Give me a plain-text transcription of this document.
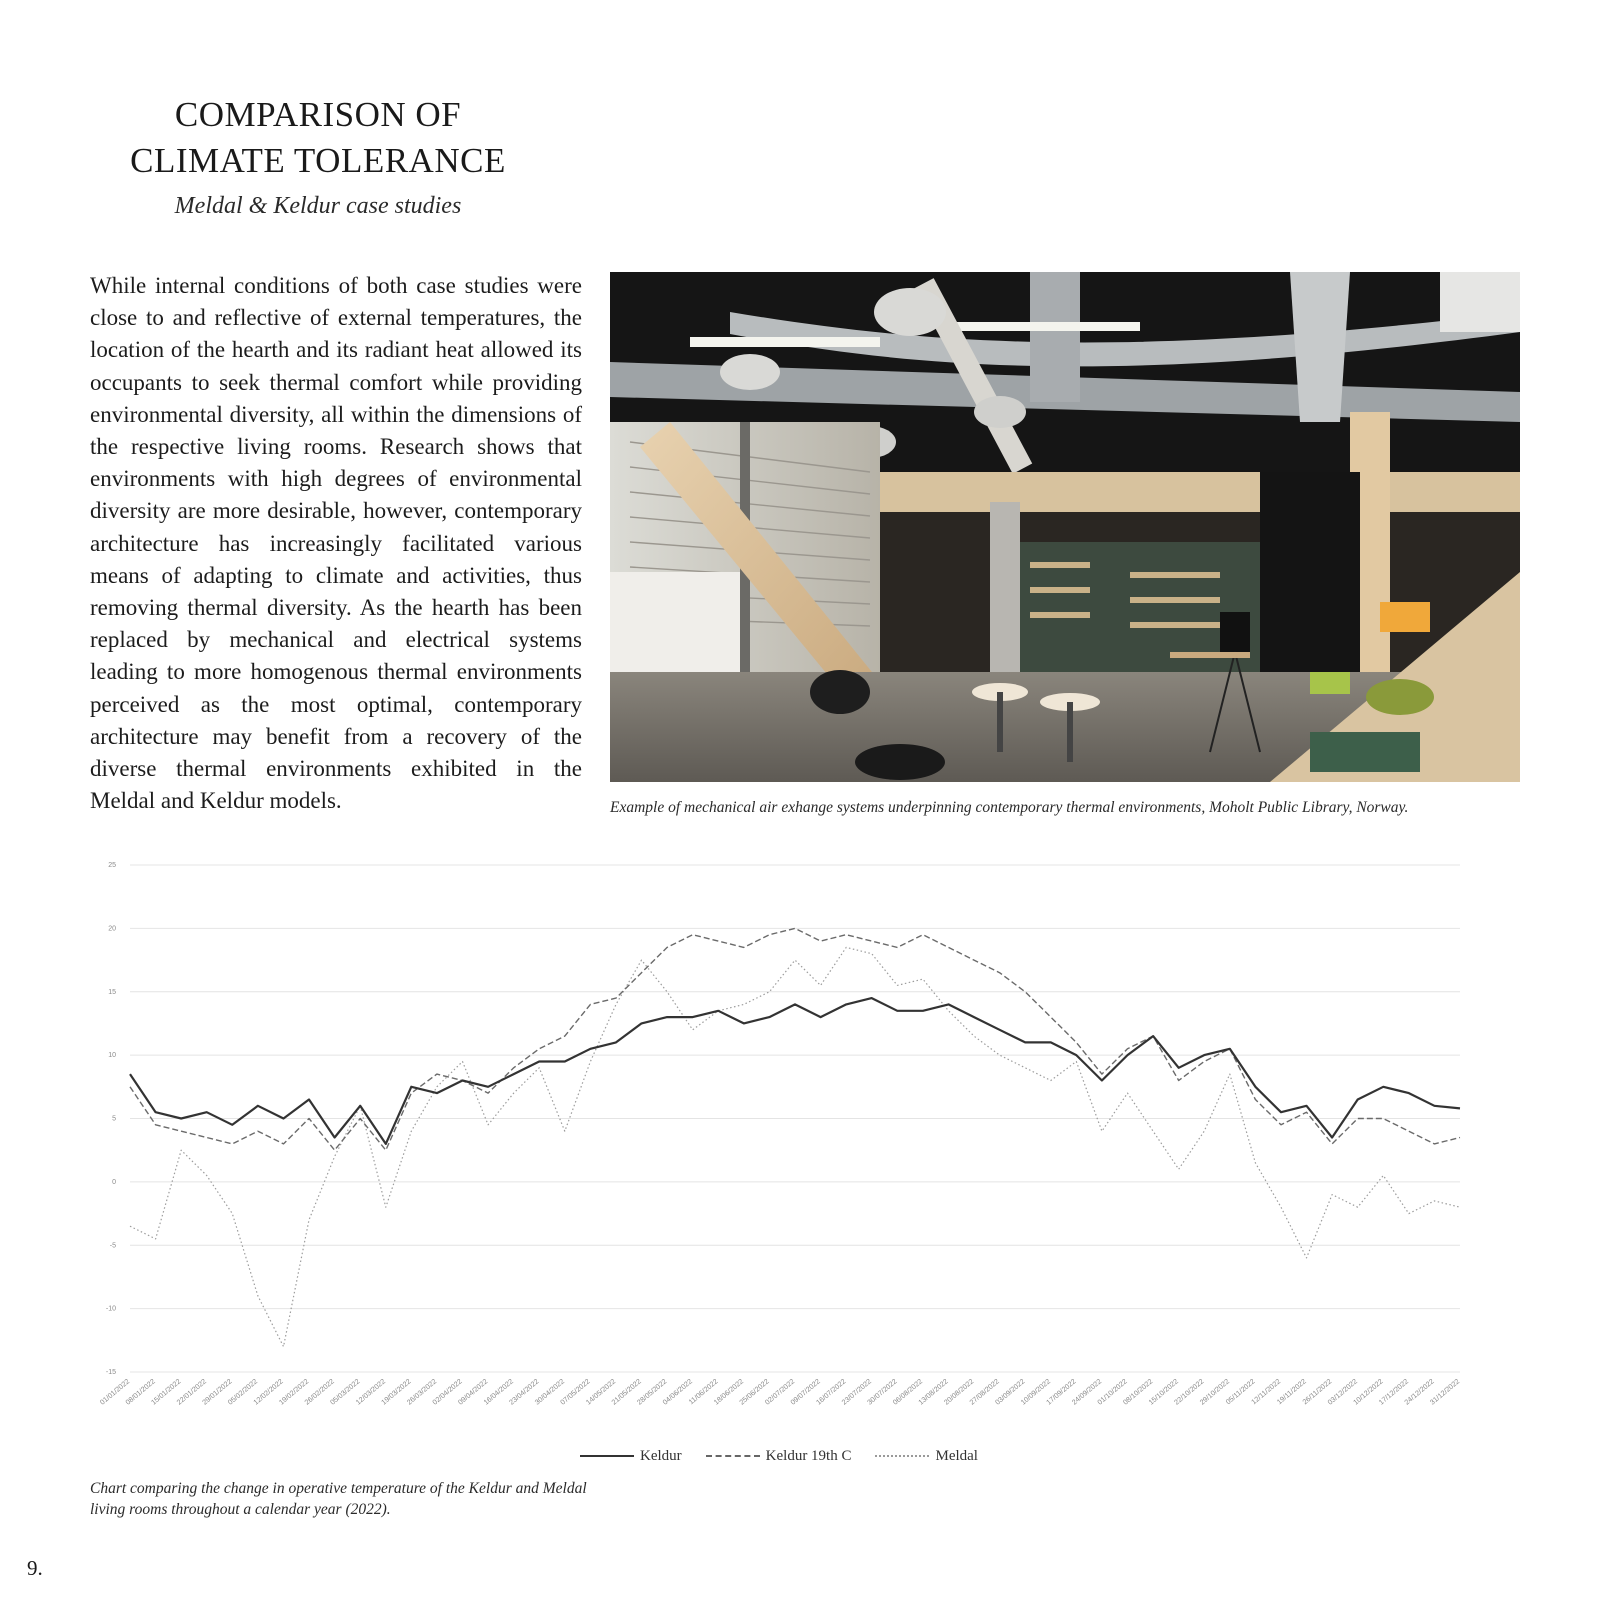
COMPARISON OF
CLIMATE TOLERANCE
Meldal & Keldur case studies
While internal conditions of both case studies were close to and reflective of external temperatures, the location of the hearth and its radiant heat allowed its occupants to seek thermal comfort while providing environmental diversity, all within the dimensions of the respective living rooms. Research shows that environments with high degrees of environmental diversity are more desirable, however, contemporary architecture has increasingly facilitated various means of adapting to climate and activities, thus removing thermal diversity. As the hearth has been replaced by mechanical and electrical systems leading to more homogenous thermal environments perceived as the most optimal, contemporary architecture may benefit from a recovery of the diverse thermal environments exhibited in the Meldal and Keldur models.	Example of mechanical air exhange systems underpinning contemporary thermal environments, Moholt Public Library, Norway.
-15
-10
-5
0
5
10
15
20
25
01/01/2022
08/01/2022
15/01/2022
22/01/2022
29/01/2022
05/02/2022
12/02/2022
19/02/2022
26/02/2022
05/03/2022
12/03/2022
19/03/2022
26/03/2022
02/04/2022
09/04/2022
16/04/2022
23/04/2022
30/04/2022
07/05/2022
14/05/2022
21/05/2022
28/05/2022
04/06/2022
11/06/2022
18/06/2022
25/06/2022
02/07/2022
09/07/2022
16/07/2022
23/07/2022
30/07/2022
06/08/2022
13/08/2022
20/08/2022
27/08/2022
03/09/2022
10/09/2022
17/09/2022
24/09/2022
01/10/2022
08/10/2022
15/10/2022
22/10/2022
29/10/2022
05/11/2022
12/11/2022
19/11/2022
26/11/2022
03/12/2022
10/12/2022
17/12/2022
24/12/2022
31/12/2022
Keldur	Keldur 19th C	Meldal
Chart comparing the change in operative temperature of the Keldur and Meldal living rooms throughout a calendar year (2022).
9.
